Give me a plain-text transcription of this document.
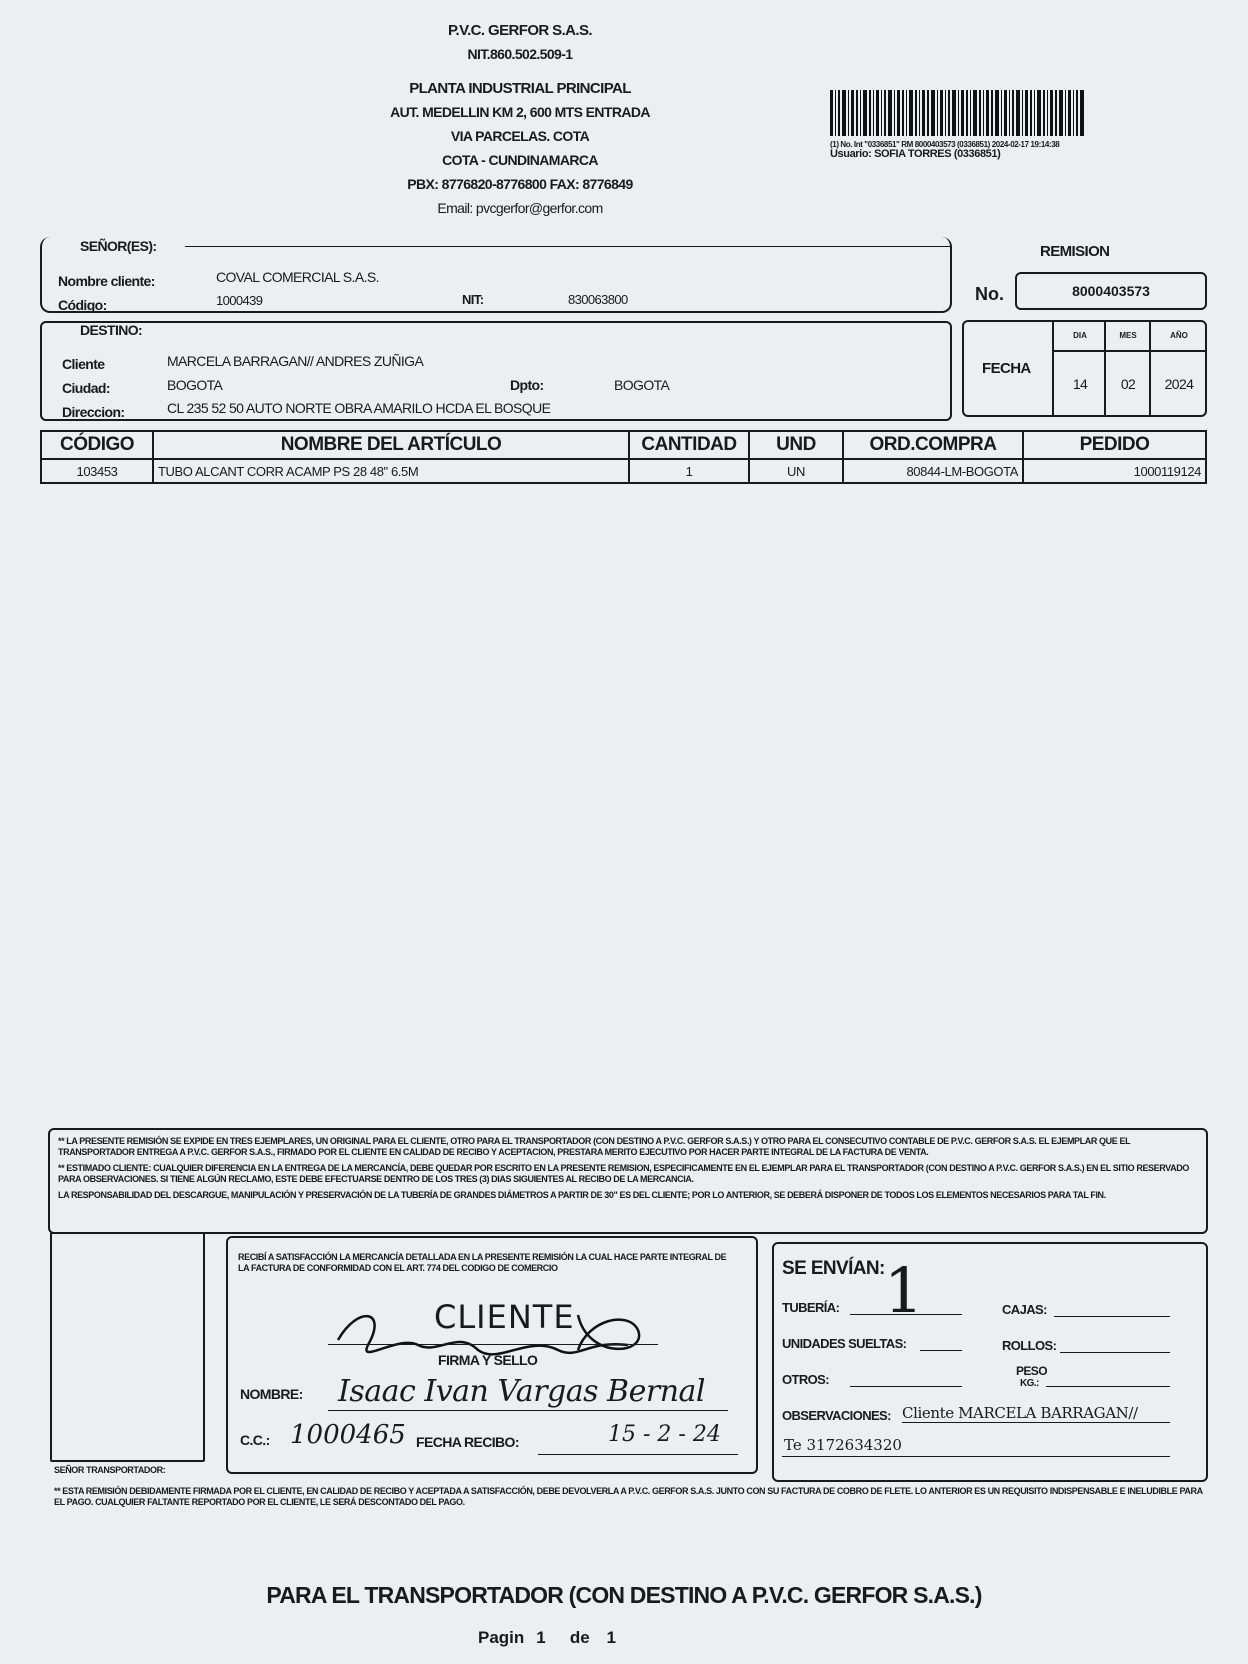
P.V.C. GERFOR S.A.S.
NIT.860.502.509-1
PLANTA INDUSTRIAL PRINCIPAL
AUT. MEDELLIN KM 2, 600 MTS ENTRADA
VIA PARCELAS. COTA
COTA - CUNDINAMARCA
PBX: 8776820-8776800 FAX: 8776849
Email: pvcgerfor@gerfor.com
(1) No. Int "0336851" RM 8000403573 (0336851) 2024-02-17 19:14:38
Usuario: SOFIA TORRES (0336851)
REMISION
No.	8000403573
SEÑOR(ES):
Nombre cliente:	COVAL COMERCIAL S.A.S.
Código:	1000439	NIT:	830063800
DESTINO:
Cliente	MARCELA BARRAGAN// ANDRES ZUÑIGA
Ciudad:	BOGOTA	Dpto:	BOGOTA
Direccion:	CL 235 52 50 AUTO NORTE OBRA AMARILO HCDA EL BOSQUE
FECHA
DIA	MES	AÑO
14	02	2024
CÓDIGO	NOMBRE DEL ARTÍCULO	CANTIDAD	UND	ORD.COMPRA	PEDIDO
103453	TUBO ALCANT CORR ACAMP PS 28 48" 6.5M	1	UN	80844-LM-BOGOTA	1000119124
** LA PRESENTE REMISIÓN SE EXPIDE EN TRES EJEMPLARES, UN ORIGINAL PARA EL CLIENTE, OTRO PARA EL TRANSPORTADOR (CON DESTINO A P.V.C. GERFOR S.A.S.) Y OTRO PARA EL CONSECUTIVO CONTABLE DE P.V.C. GERFOR S.A.S. EL EJEMPLAR QUE EL TRANSPORTADOR ENTREGA A P.V.C. GERFOR S.A.S., FIRMADO POR EL CLIENTE EN CALIDAD DE RECIBO Y ACEPTACION, PRESTARA MERITO EJECUTIVO POR HACER PARTE INTEGRAL DE LA FACTURA DE VENTA.
** ESTIMADO CLIENTE: CUALQUIER DIFERENCIA EN LA ENTREGA DE LA MERCANCÍA, DEBE QUEDAR POR ESCRITO EN LA PRESENTE REMISION, ESPECIFICAMENTE EN EL EJEMPLAR PARA EL TRANSPORTADOR (CON DESTINO A P.V.C. GERFOR S.A.S.) EN EL SITIO RESERVADO PARA OBSERVACIONES. SI TIENE ALGÚN RECLAMO, ESTE DEBE EFECTUARSE DENTRO DE LOS TRES (3) DIAS SIGUIENTES AL RECIBO DE LA MERCANCIA.
LA RESPONSABILIDAD DEL DESCARGUE, MANIPULACIÓN Y PRESERVACIÓN DE LA TUBERÍA DE GRANDES DIÁMETROS A PARTIR DE 30" ES DEL CLIENTE; POR LO ANTERIOR, SE DEBERÁ DISPONER DE TODOS LOS ELEMENTOS NECESARIOS PARA TAL FIN.
SEÑOR TRANSPORTADOR:
RECIBÍ A SATISFACCIÓN LA MERCANCÍA DETALLADA EN LA PRESENTE REMISIÓN LA CUAL HACE PARTE INTEGRAL DE LA FACTURA DE CONFORMIDAD CON EL ART. 774 DEL CODIGO DE COMERCIO
CLIENTE
FIRMA Y SELLO
NOMBRE: Isaac Ivan Vargas Bernal
C.C.: 1000465 FECHA RECIBO:	15 - 2 - 24
SE ENVÍAN:
TUBERÍA: 1	CAJAS:
UNIDADES SUELTAS:	ROLLOS:
OTROS:
PESO
KG.:
OBSERVACIONES: Cliente MARCELA BARRAGAN//
Te 3172634320
** ESTA REMISIÓN DEBIDAMENTE FIRMADA POR EL CLIENTE, EN CALIDAD DE RECIBO Y ACEPTADA A SATISFACCIÓN, DEBE DEVOLVERLA A P.V.C. GERFOR S.A.S. JUNTO CON SU FACTURA DE COBRO DE FLETE. LO ANTERIOR ES UN REQUISITO INDISPENSABLE E INELUDIBLE PARA EL PAGO. CUALQUIER FALTANTE REPORTADO POR EL CLIENTE, LE SERÁ DESCONTADO DEL PAGO.
PARA EL TRANSPORTADOR (CON DESTINO A P.V.C. GERFOR S.A.S.)
Pagin 1 de 1
